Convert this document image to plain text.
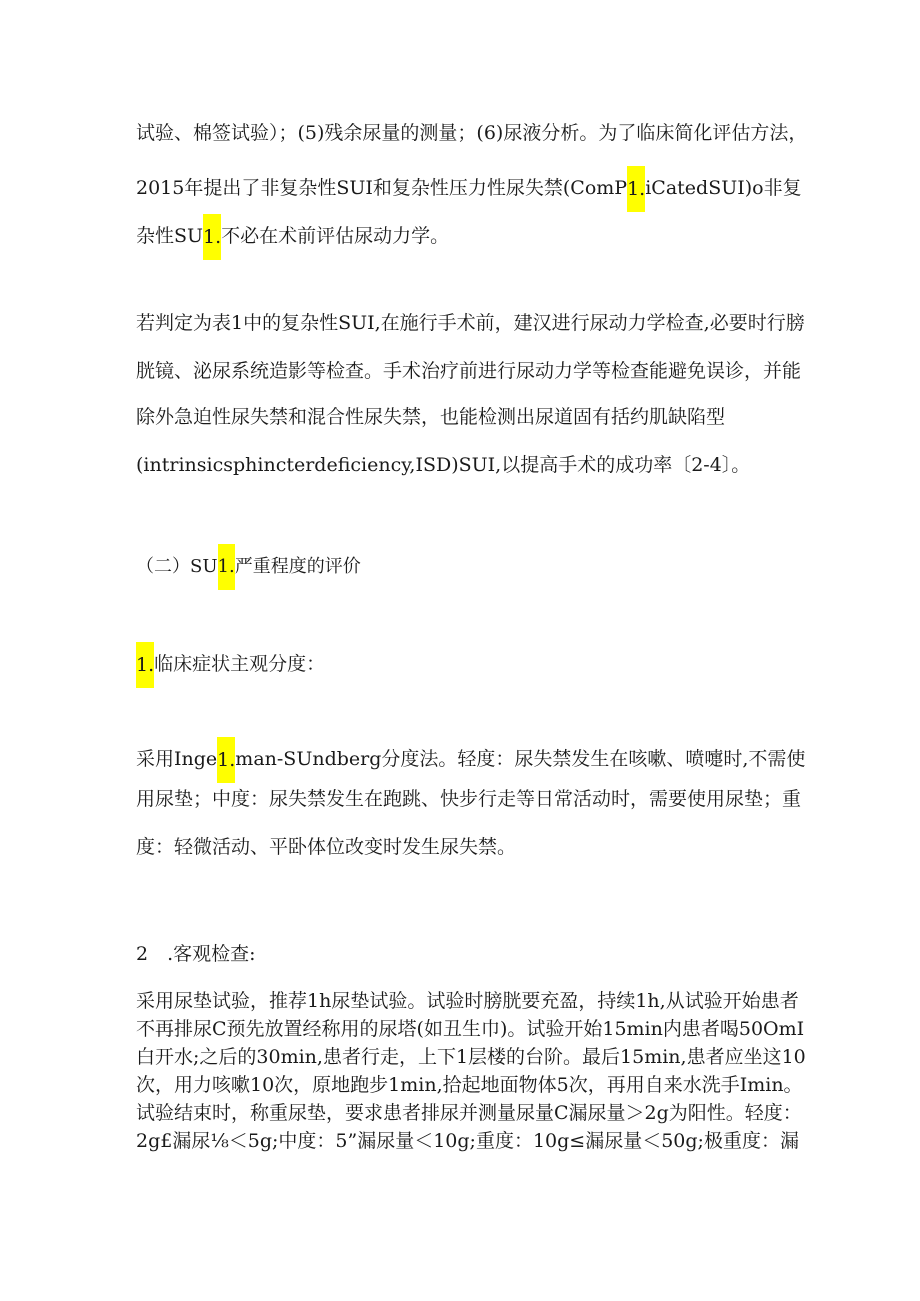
试验、棉签试验）；(5)残余尿量的测量；(6)尿液分析。为了临床简化评估方法，
2015年提出了非复杂性SUI和复杂性压力性尿失禁(ComP1.iCatedSUI)o非复
杂性SU1.不必在术前评估尿动力学。
若判定为表1中的复杂性SUI,在施行手术前，建汉进行尿动力学检查,必要时行膀
胱镜、泌尿系统造影等检查。手术治疗前进行尿动力学等检查能避免误诊，并能
除外急迫性尿失禁和混合性尿失禁，也能检测出尿道固有括约肌缺陷型
(intrinsicsphincterdeficiency,ISD)SUI,以提高手术的成功率〔2-4〕。
（二）SU1.严重程度的评价
1.临床症状主观分度：
采用Inge1.man-SUndberg分度法。轻度：尿失禁发生在咳嗽、喷嚏时,不需使
用尿垫；中度：尿失禁发生在跑跳、快步行走等日常活动时，需要使用尿垫；重
度：轻微活动、平卧体位改变时发生尿失禁。
2　.客观检查:
采用尿垫试验，推荐1h尿垫试验。试验时膀胱要充盈，持续1h,从试验开始患者
不再排尿C预先放置经称用的尿塔(如丑生巾)。试验开始15min内患者喝50OmI
白开水;之后的30min,患者行走，上下1层楼的台阶。最后15min,患者应坐这10
次，用力咳嗽10次，原地跑步1min,拾起地面物体5次，再用自来水洗手Imin。
试验结束时，称重尿垫，要求患者排尿并测量尿量C漏尿量＞2g为阳性。轻度：
2g£漏尿⅛＜5g;中度：5”漏尿量＜10g;重度：10g≤漏尿量＜50g;极重度：漏
